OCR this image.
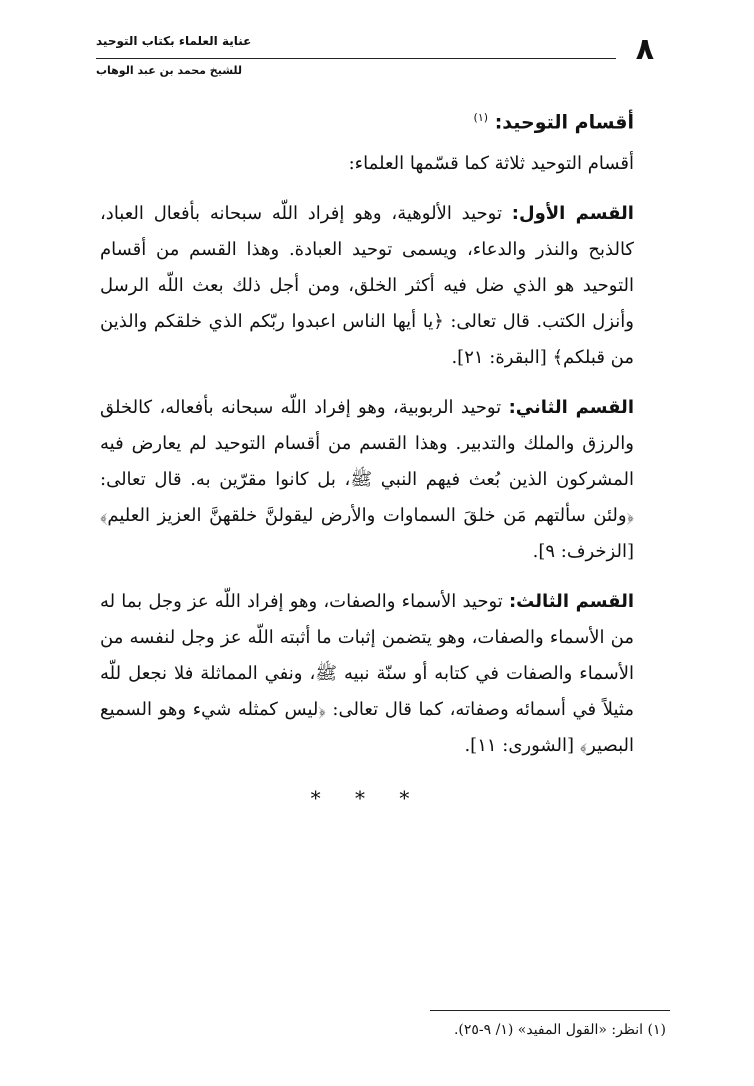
٨
عناية العلماء بكتاب التوحيد
للشيخ محمد بن عبد الوهاب
أقسام التوحيد: $^{(١)}$

أقسام التوحيد ثلاثة كما قسّمها العلماء:

القسم الأول: توحيد الألوهية، وهو إفراد اللّه سبحانه بأفعال العباد، كالذبح والنذر والدعاء، ويسمى توحيد العبادة. وهذا القسم من أقسام التوحيد هو الذي ضل فيه أكثر الخلق، ومن أجل ذلك بعث اللّه الرسل وأنزل الكتب. قال تعالى: ﴿يا أيها الناس اعبدوا ربّكم الذي خلقكم والذين من قبلكم﴾ [البقرة: ٢١].

القسم الثاني: توحيد الربوبية، وهو إفراد اللّه سبحانه بأفعاله، كالخلق والرزق والملك والتدبير. وهذا القسم من أقسام التوحيد لم يعارض فيه المشركون الذين بُعث فيهم النبي ﷺ، بل كانوا مقرّين به. قال تعالى: ﴿ولئن سألتهم مَن خلقَ السماوات والأرض ليقولنَّ خلقهنَّ العزيز العليم﴾ [الزخرف: ٩].

القسم الثالث: توحيد الأسماء والصفات، وهو إفراد اللّه عز وجل بما له من الأسماء والصفات، وهو يتضمن إثبات ما أثبته اللّه عز وجل لنفسه من الأسماء والصفات في كتابه أو سنّة نبيه ﷺ، ونفي المماثلة فلا نجعل للّه مثيلاً في أسمائه وصفاته، كما قال تعالى: ﴿ليس كمثله شيء وهو السميع البصير﴾ [الشورى: ١١].

* * *
(١) انظر: «القول المفيد» (١/ ٩-٢٥).
